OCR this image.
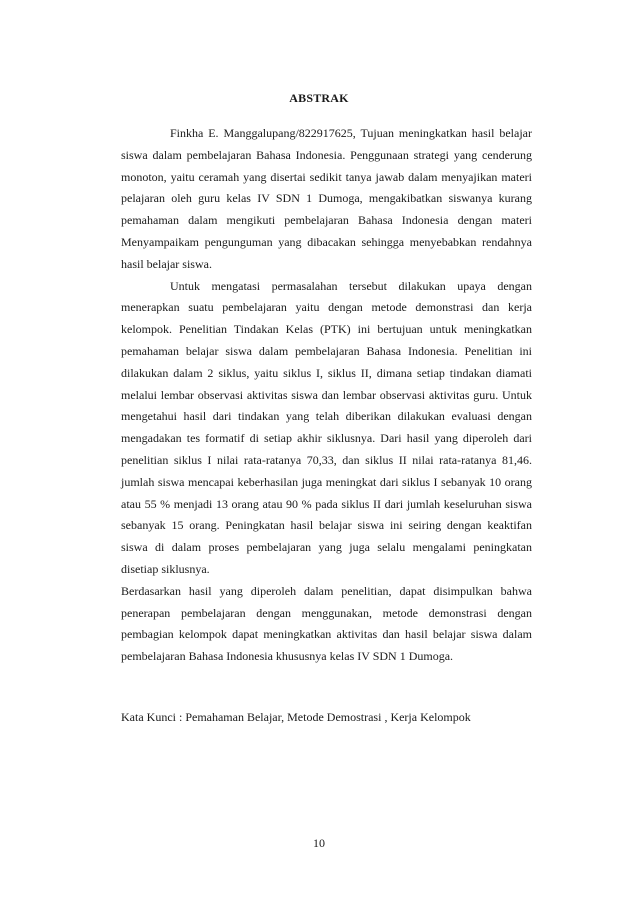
ABSTRAK

Finkha E. Manggalupang/822917625, Tujuan meningkatkan hasil belajar siswa dalam pembelajaran Bahasa Indonesia. Penggunaan strategi yang cenderung monoton, yaitu ceramah yang disertai sedikit tanya jawab dalam menyajikan materi pelajaran oleh guru kelas IV SDN 1 Dumoga, mengakibatkan siswanya kurang pemahaman dalam mengikuti pembelajaran Bahasa Indonesia dengan materi Menyampaikam pengunguman yang dibacakan sehingga menyebabkan rendahnya hasil belajar siswa.

Untuk mengatasi permasalahan tersebut dilakukan upaya dengan menerapkan suatu pembelajaran yaitu dengan metode demonstrasi dan kerja kelompok. Penelitian Tindakan Kelas (PTK) ini bertujuan untuk meningkatkan pemahaman belajar siswa dalam pembelajaran Bahasa Indonesia. Penelitian ini dilakukan dalam 2 siklus, yaitu siklus I, siklus II, dimana setiap tindakan diamati melalui lembar observasi aktivitas siswa dan lembar observasi aktivitas guru. Untuk mengetahui hasil dari tindakan yang telah diberikan dilakukan evaluasi dengan mengadakan tes formatif di setiap akhir siklusnya. Dari hasil yang diperoleh dari penelitian siklus I nilai rata-ratanya 70,33, dan siklus II nilai rata-ratanya 81,46. jumlah siswa mencapai keberhasilan juga meningkat dari siklus I sebanyak 10 orang atau 55 % menjadi 13 orang atau 90 % pada siklus II dari jumlah keseluruhan siswa sebanyak 15 orang. Peningkatan hasil belajar siswa ini seiring dengan keaktifan siswa di dalam proses pembelajaran yang juga selalu mengalami peningkatan disetiap siklusnya.

Berdasarkan hasil yang diperoleh dalam penelitian, dapat disimpulkan bahwa penerapan pembelajaran dengan menggunakan, metode demonstrasi dengan pembagian kelompok dapat meningkatkan aktivitas dan hasil belajar siswa dalam pembelajaran Bahasa Indonesia khususnya kelas IV SDN 1 Dumoga.

Kata Kunci : Pemahaman Belajar, Metode Demostrasi , Kerja Kelompok
10
